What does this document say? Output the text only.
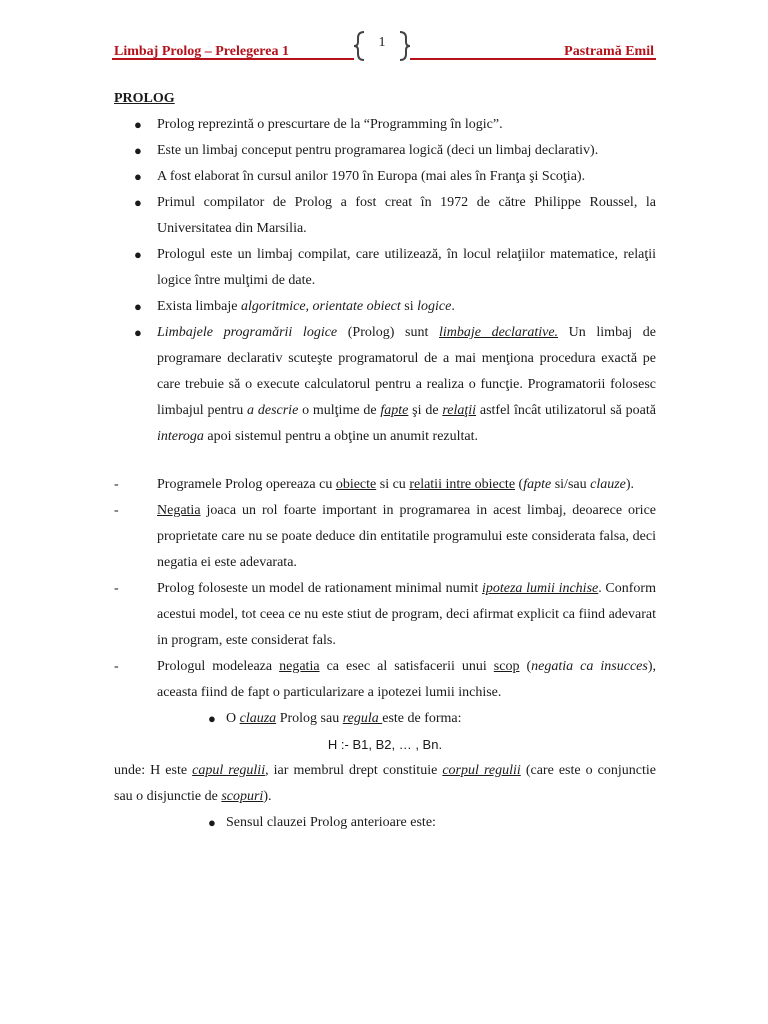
Limbaj Prolog – Prelegerea 1	Pastramă Emil
1
PROLOG
● Prolog reprezintă o prescurtare de la “Programming în logic”.
● Este un limbaj conceput pentru programarea logică (deci un limbaj declarativ).
● A fost elaborat în cursul anilor 1970 în Europa (mai ales în Franţa şi Scoţia).
● Primul compilator de Prolog a fost creat în 1972 de către Philippe Roussel, la Universitatea din Marsilia.
● Prologul este un limbaj compilat, care utilizează, în locul relaţiilor matematice, relaţii logice între mulţimi de date.
● Exista limbaje algoritmice, orientate obiect si logice.
● Limbajele programării logice (Prolog) sunt limbaje declarative. Un limbaj de programare declarativ scuteşte programatorul de a mai menţiona procedura exactă pe care trebuie să o execute calculatorul pentru a realiza o funcţie. Programatorii folosesc limbajul pentru a descrie o mulţime de fapte şi de relaţii astfel încât utilizatorul să poată interoga apoi sistemul pentru a obţine un anumit rezultat.
-	Programele Prolog opereaza cu obiecte si cu relatii intre obiecte (fapte si/sau clauze).
-	Negatia joaca un rol foarte important in programarea in acest limbaj, deoarece orice proprietate care nu se poate deduce din entitatile programului este considerata falsa, deci negatia ei este adevarata.
-	Prolog foloseste un model de rationament minimal numit ipoteza lumii inchise. Conform acestui model, tot ceea ce nu este stiut de program, deci afirmat explicit ca fiind adevarat in program, este considerat fals.
-	Prologul modeleaza negatia ca esec al satisfacerii unui scop (negatia ca insucces), aceasta fiind de fapt o particularizare a ipotezei lumii inchise.
● O clauza Prolog sau regula este de forma:
H :- B1, B2, … , Bn.
unde: H este capul regulii, iar membrul drept constituie corpul regulii (care este o conjunctie sau o disjunctie de scopuri).
● Sensul clauzei Prolog anterioare este:
